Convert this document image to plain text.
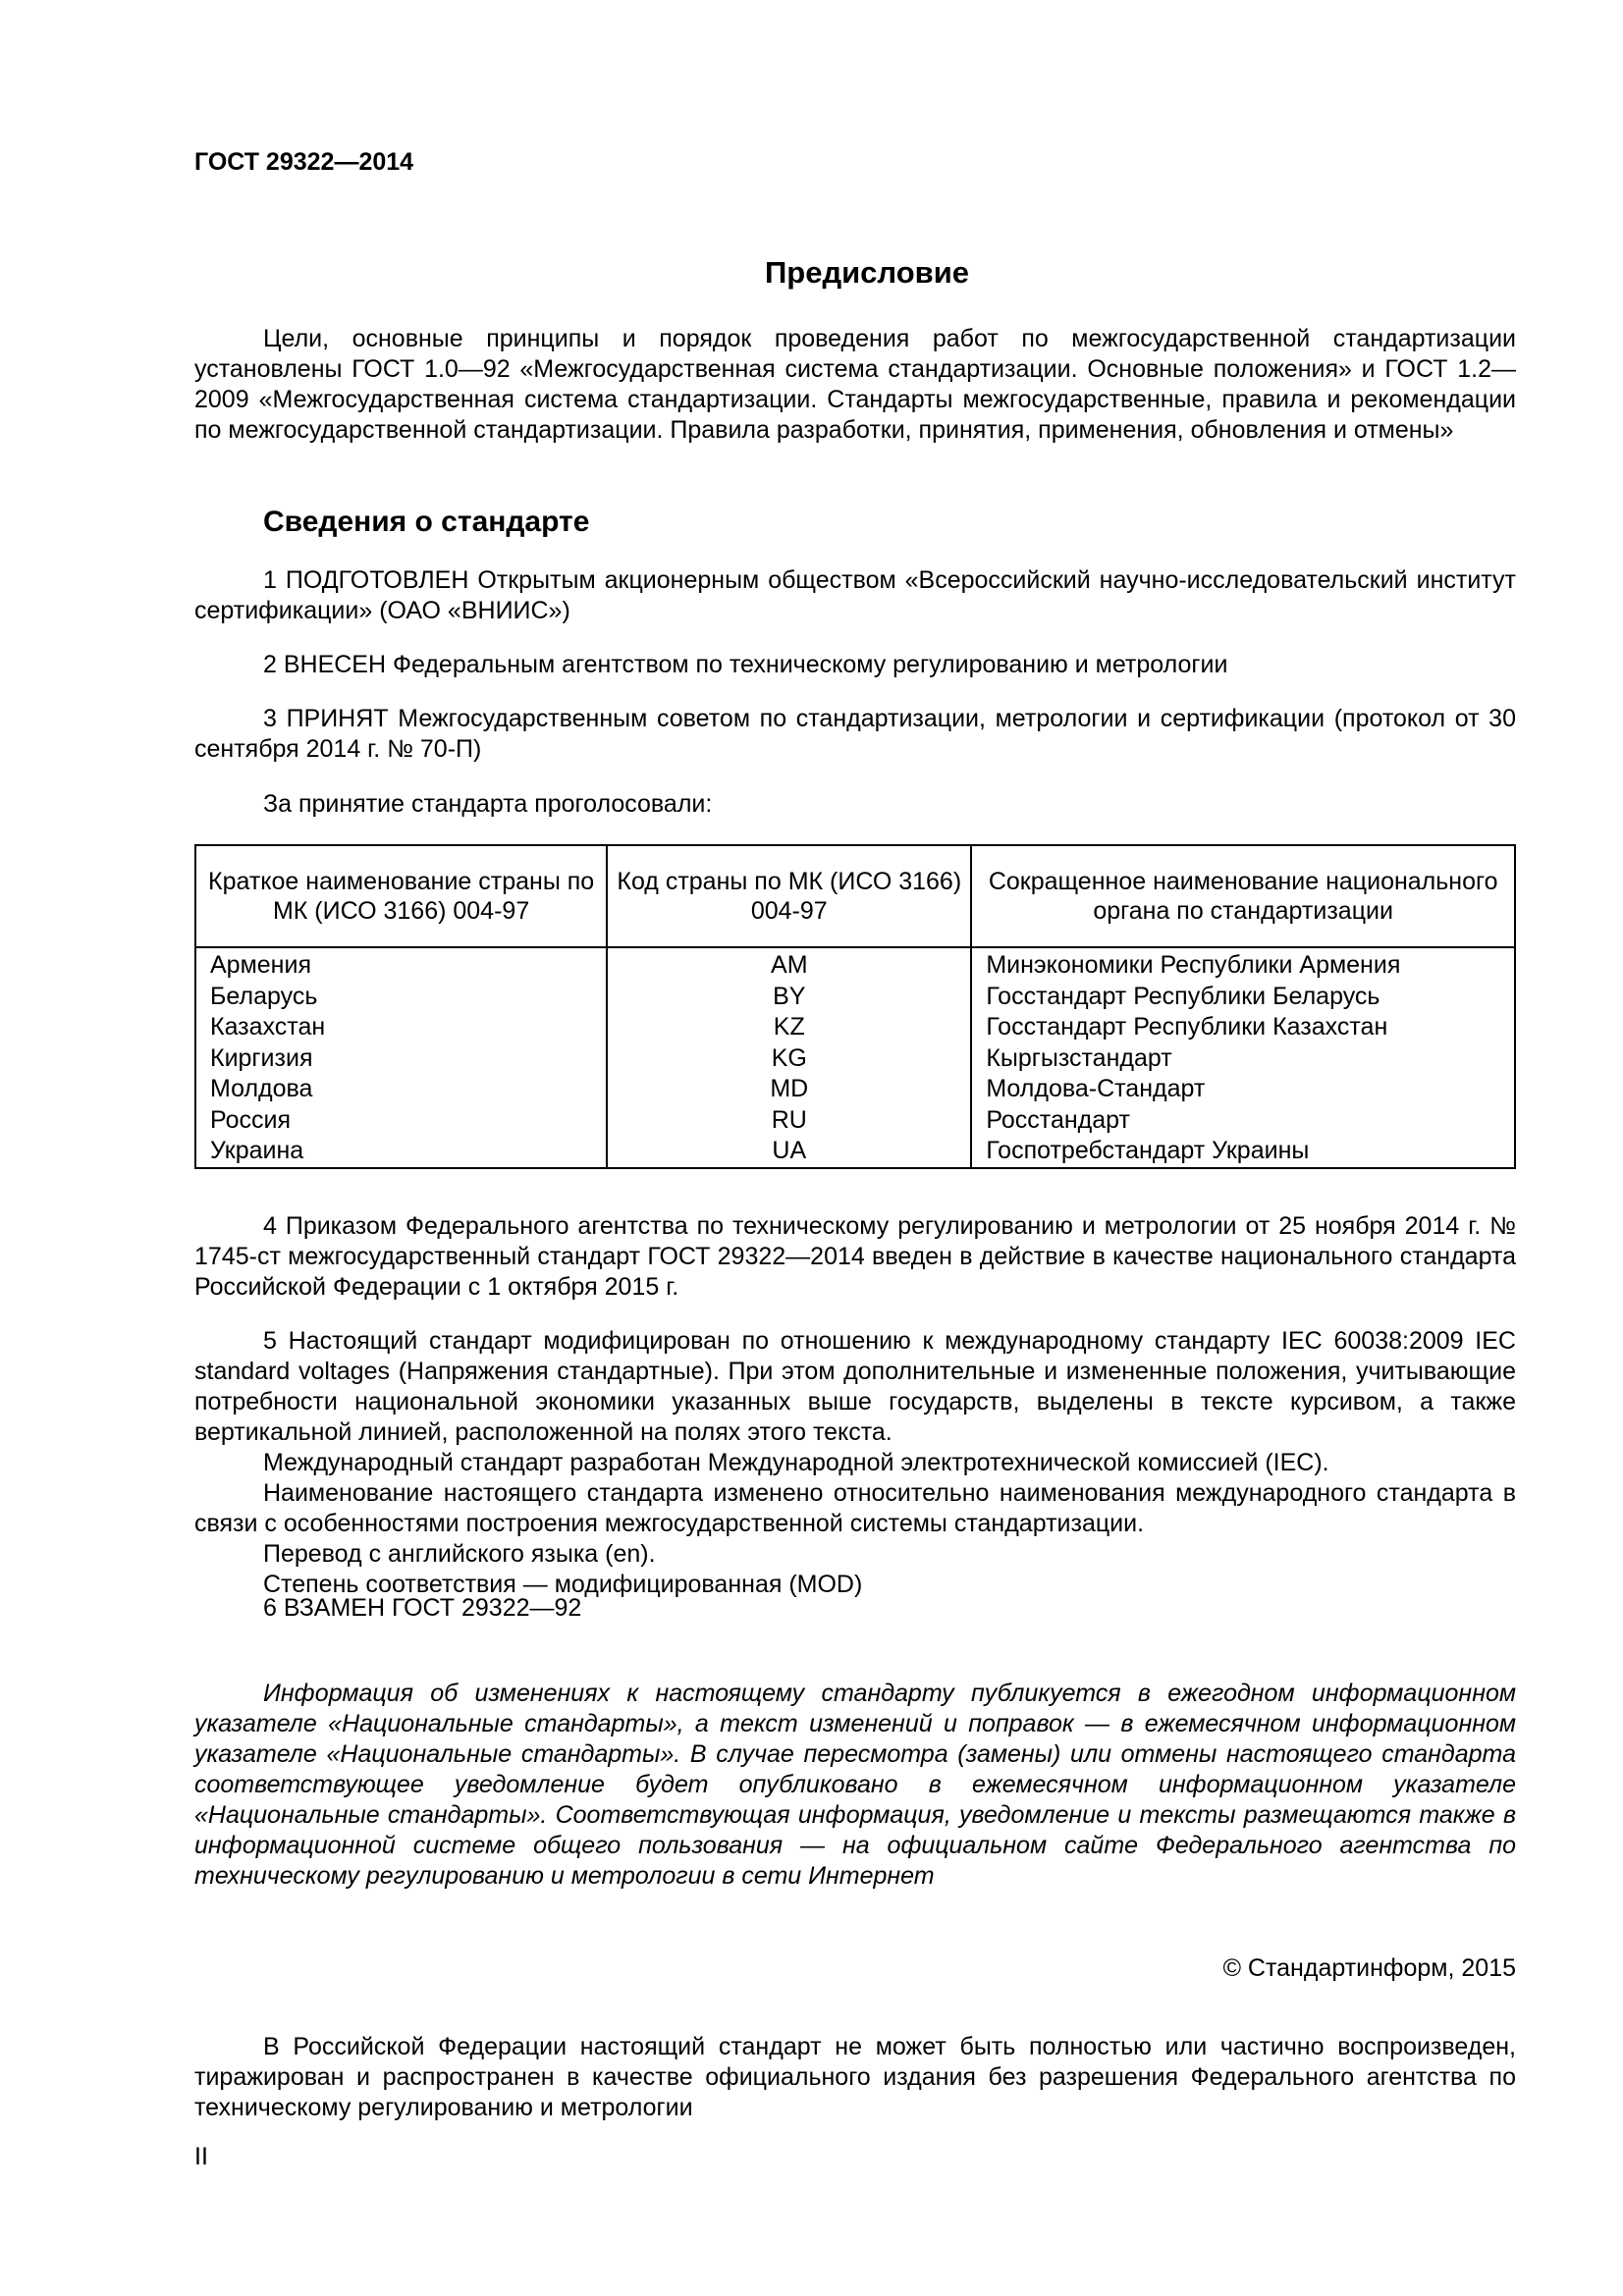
ГОСТ 29322—2014

Предисловие

Цели, основные принципы и порядок проведения работ по межгосударственной стандартизации установлены ГОСТ 1.0—92 «Межгосударственная система стандартизации. Основные положения» и ГОСТ 1.2—2009 «Межгосударственная система стандартизации. Стандарты межгосударственные, правила и рекомендации по межгосударственной стандартизации. Правила разработки, принятия, применения, обновления и отмены»

Сведения о стандарте

1 ПОДГОТОВЛЕН Открытым акционерным обществом «Всероссийский научно-исследовательский институт сертификации» (ОАО «ВНИИС»)

2 ВНЕСЕН Федеральным агентством по техническому регулированию и метрологии

3 ПРИНЯТ Межгосударственным советом по стандартизации, метрологии и сертификации (протокол от 30 сентября 2014 г. № 70-П)

За принятие стандарта проголосовали:

Краткое наименование страны по МК (ИСО 3166) 004-97	Код страны по МК (ИСО 3166) 004-97	Сокращенное наименование национального органа по стандартизации
Армения	AM	Минэкономики Республики Армения
Беларусь	BY	Госстандарт Республики Беларусь
Казахстан	KZ	Госстандарт Республики Казахстан
Киргизия	KG	Кыргызстандарт
Молдова	MD	Молдова-Стандарт
Россия	RU	Росстандарт
Украина	UA	Госпотребстандарт Украины

4 Приказом Федерального агентства по техническому регулированию и метрологии от 25 ноября 2014 г. № 1745-ст межгосударственный стандарт ГОСТ 29322—2014 введен в действие в качестве национального стандарта Российской Федерации с 1 октября 2015 г.

5 Настоящий стандарт модифицирован по отношению к международному стандарту IEC 60038:2009 IEC standard voltages (Напряжения стандартные). При этом дополнительные и измененные положения, учитывающие потребности национальной экономики указанных выше государств, выделены в тексте курсивом, а также вертикальной линией, расположенной на полях этого текста.

Международный стандарт разработан Международной электротехнической комиссией (IEC).

Наименование настоящего стандарта изменено относительно наименования международного стандарта в связи с особенностями построения межгосударственной системы стандартизации.

Перевод с английского языка (en).

Степень соответствия — модифицированная (MOD)

6 ВЗАМЕН ГОСТ 29322—92

Информация об изменениях к настоящему стандарту публикуется в ежегодном информационном указателе «Национальные стандарты», а текст изменений и поправок — в ежемесячном информационном указателе «Национальные стандарты». В случае пересмотра (замены) или отмены настоящего стандарта соответствующее уведомление будет опубликовано в ежемесячном информационном указателе «Национальные стандарты». Соответствующая информация, уведомление и тексты размещаются также в информационной системе общего пользования — на официальном сайте Федерального агентства по техническому регулированию и метрологии в сети Интернет

© Стандартинформ, 2015

В Российской Федерации настоящий стандарт не может быть полностью или частично воспроизведен, тиражирован и распространен в качестве официального издания без разрешения Федерального агентства по техническому регулированию и метрологии

II
